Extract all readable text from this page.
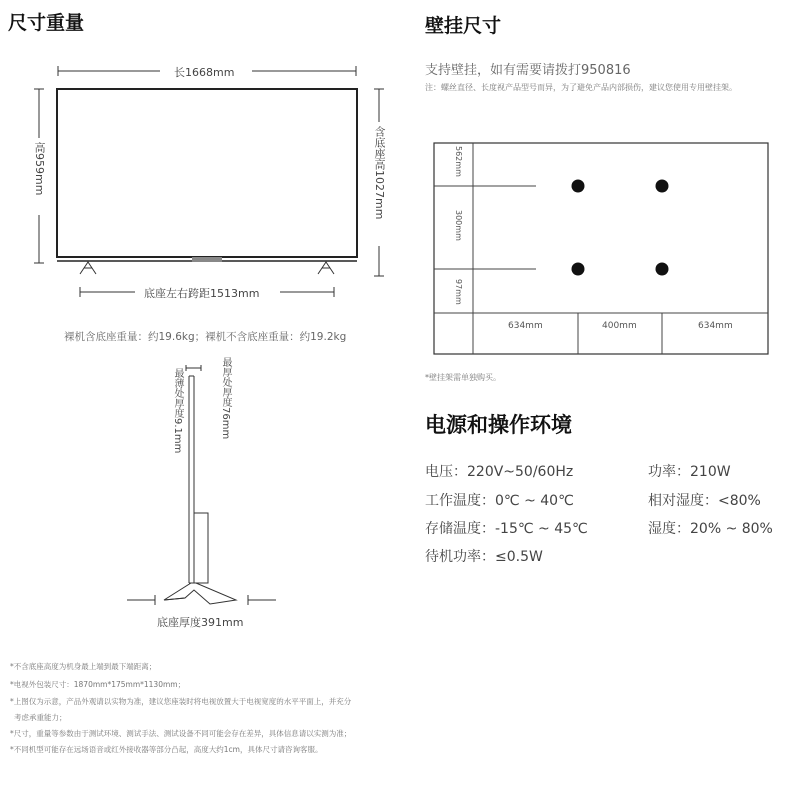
尺寸重量
长1668mm
高959mm	含底座高1027mm
底座左右跨距1513mm
裸机含底座重量：约19.6kg；裸机不含底座重量：约19.2kg
最厚处厚度76mm
最薄处厚度9.1mm
底座厚度391mm
*不含底座高度为机身最上端到最下端距离；
*电视外包装尺寸：1870mm*175mm*1130mm；
*上图仅为示意，产品外观请以实物为准，建议您座装时将电视放置大于电视宽度的水平平面上，并充分
考虑承重能力；
*尺寸，重量等参数由于测试环境、测试手法、测试设备不同可能会存在差异，具体信息请以实测为准；
*不同机型可能存在远场语音或红外接收器等部分凸起，高度大约1cm，具体尺寸请咨询客服。
壁挂尺寸
支持壁挂，如有需要请拨打950816
注：螺丝直径、长度视产品型号而异，为了避免产品内部损伤，建议您使用专用壁挂架。
562mm
300mm
97mm
634mm	400mm	634mm
*壁挂架需单独购买。
电源和操作环境
电压：220V~50/60Hz	功率：210W
工作温度：0℃ ~ 40℃	相对湿度：<80%
存储温度：-15℃ ~ 45℃	湿度：20% ~ 80%
待机功率：≤0.5W
